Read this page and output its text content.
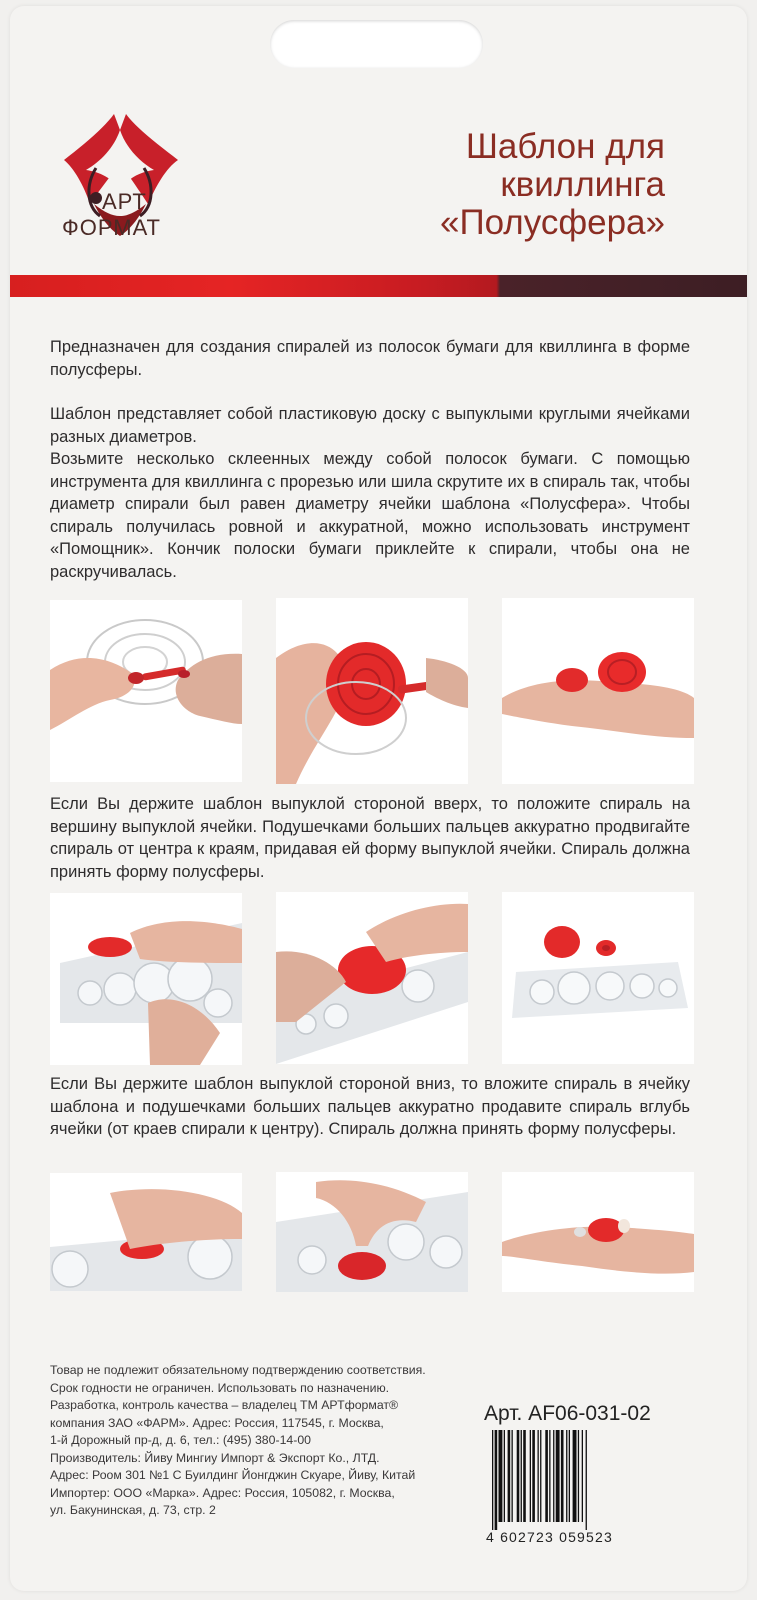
АРТ
ФОРМАТ
Шаблон для
квиллинга
«Полусфера»

Предназначен для создания спиралей из полосок бумаги для квиллинга в форме полусферы.

Шаблон представляет собой пластиковую доску с выпуклыми круглыми ячейками разных диаметров.

Возьмите несколько склеенных между собой полосок бумаги. С помощью инструмента для квиллинга с прорезью или шила скрутите их в спираль так, чтобы диаметр спирали был равен диаметру ячейки шаблона «Полусфера». Чтобы спираль получилась ровной и аккуратной, можно использовать инструмент «Помощник». Кончик полоски бумаги приклейте к спирали, чтобы она не раскручивалась.

Если Вы держите шаблон выпуклой стороной вверх, то положите спираль на вершину выпуклой ячейки. Подушечками больших пальцев аккуратно продвигайте спираль от центра к краям, придавая ей форму выпуклой ячейки. Спираль должна принять форму полусферы.

Если Вы держите шаблон выпуклой стороной вниз, то вложите спираль в ячейку шаблона и подушечками больших пальцев аккуратно продавите спираль вглубь ячейки (от краев спирали к центру). Спираль должна принять форму полусферы.

Товар не подлежит обязательному подтверждению соответствия.
Срок годности не ограничен. Использовать по назначению.
Разработка, контроль качества – владелец ТМ АРТформат®
компания ЗАО «ФАРМ». Адрес: Россия, 117545, г. Москва,
1-й Дорожный пр-д, д. 6, тел.: (495) 380-14-00
Производитель: Йиву Мингиу Импорт & Экспорт Ко., ЛТД.
Адрес: Роом 301 №1 С Буилдинг Йонгджин Скуаре, Йиву, Китай
Импортер: ООО «Марка». Адрес: Россия, 105082, г. Москва,
ул. Бакунинская, д. 73, стр. 2
Арт. AF06-031-02
4 602723 059523
